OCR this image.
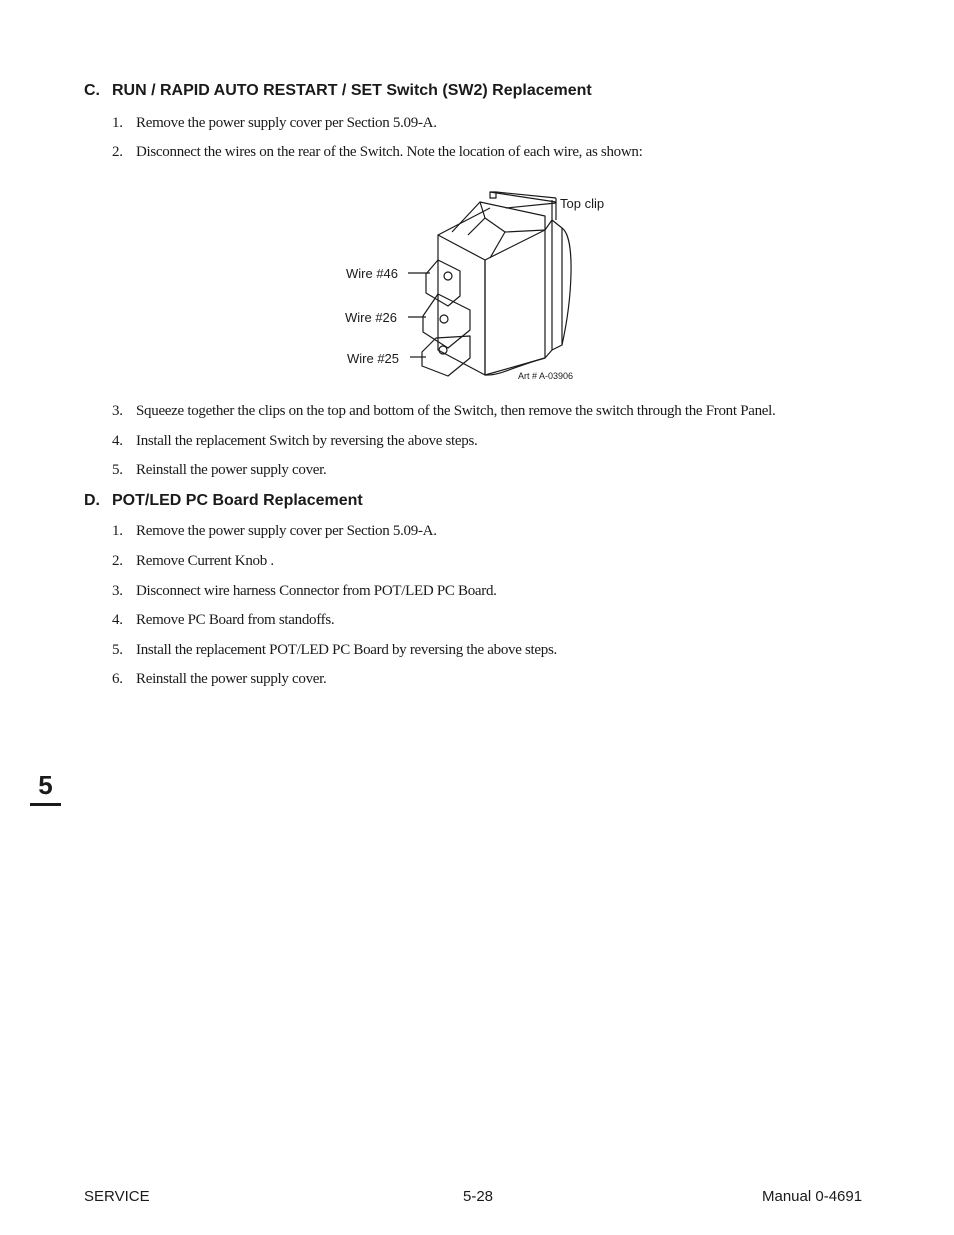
C. RUN / RAPID AUTO RESTART / SET Switch (SW2) Replacement
1. Remove the power supply cover per Section 5.09-A.
2. Disconnect the wires on the rear of the Switch. Note the location of each wire, as shown:
Top clip
Wire #46
Wire #26
Wire #25
Art # A-03906
3. Squeeze together the clips on the top and bottom of the Switch, then remove the switch through the Front Panel.
4. Install the replacement Switch by reversing the above steps.
5. Reinstall the power supply cover.
D. POT/LED PC Board Replacement
1. Remove the power supply cover per Section 5.09-A.
2. Remove Current Knob .
3. Disconnect wire harness Connector from POT/LED PC Board.
4. Remove PC Board from standoffs.
5. Install the replacement POT/LED PC Board by reversing the above steps.
6. Reinstall the power supply cover.
5
SERVICE	5-28	Manual 0-4691
